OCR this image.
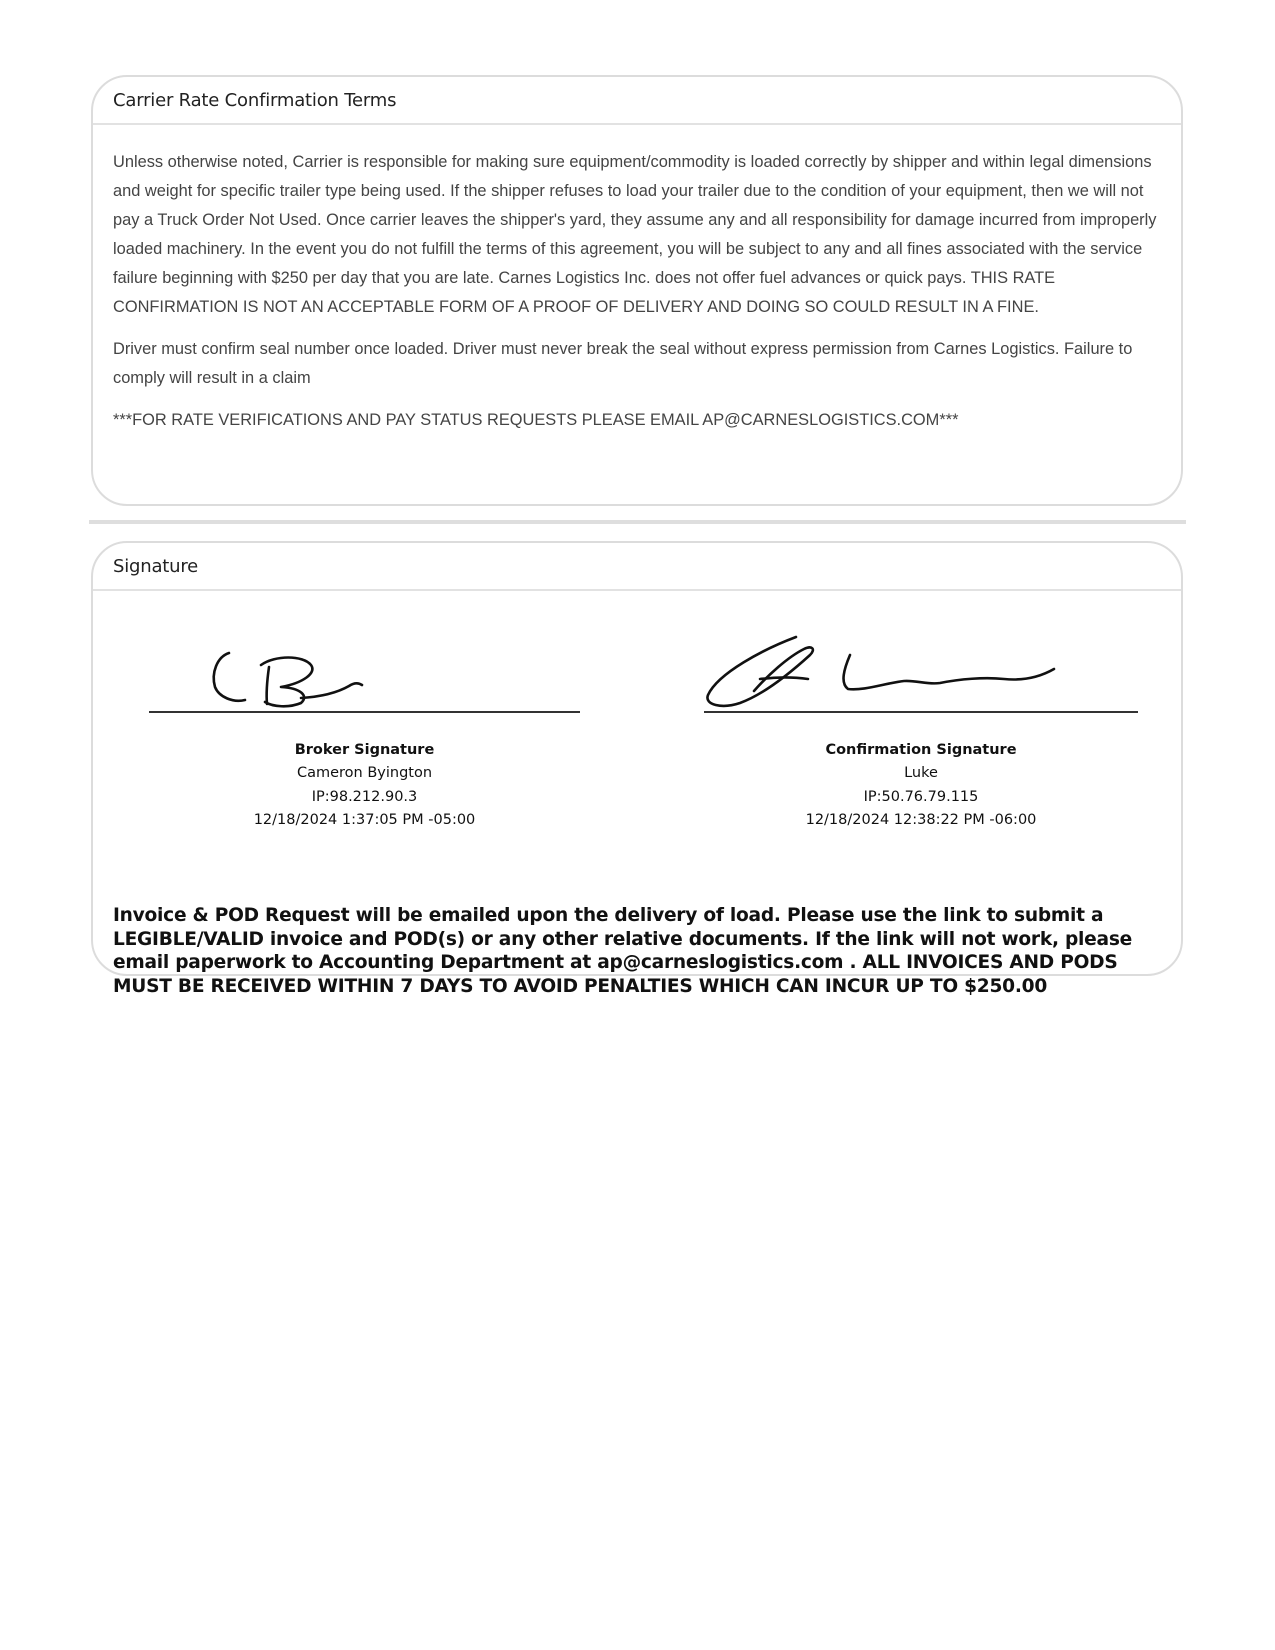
Carrier Rate Confirmation Terms

Unless otherwise noted, Carrier is responsible for making sure equipment/commodity is loaded correctly by shipper and within legal dimensions and weight for specific trailer type being used. If the shipper refuses to load your trailer due to the condition of your equipment, then we will not pay a Truck Order Not Used. Once carrier leaves the shipper's yard, they assume any and all responsibility for damage incurred from improperly loaded machinery. In the event you do not fulfill the terms of this agreement, you will be subject to any and all fines associated with the service failure beginning with $250 per day that you are late. Carnes Logistics Inc. does not offer fuel advances or quick pays. THIS RATE CONFIRMATION IS NOT AN ACCEPTABLE FORM OF A PROOF OF DELIVERY AND DOING SO COULD RESULT IN A FINE.

Driver must confirm seal number once loaded. Driver must never break the seal without express permission from Carnes Logistics. Failure to comply will result in a claim

***FOR RATE VERIFICATIONS AND PAY STATUS REQUESTS PLEASE EMAIL AP@CARNESLOGISTICS.COM***

Signature
Broker Signature
Cameron Byington
IP:98.212.90.3
12/18/2024 1:37:05 PM -05:00
Confirmation Signature
Luke
IP:50.76.79.115
12/18/2024 12:38:22 PM -06:00
Invoice & POD Request will be emailed upon the delivery of load. Please use the link to submit a LEGIBLE/VALID invoice and POD(s) or any other relative documents. If the link will not work, please email paperwork to Accounting Department at ap@carneslogistics.com . ALL INVOICES AND PODS MUST BE RECEIVED WITHIN 7 DAYS TO AVOID PENALTIES WHICH CAN INCUR UP TO $250.00
